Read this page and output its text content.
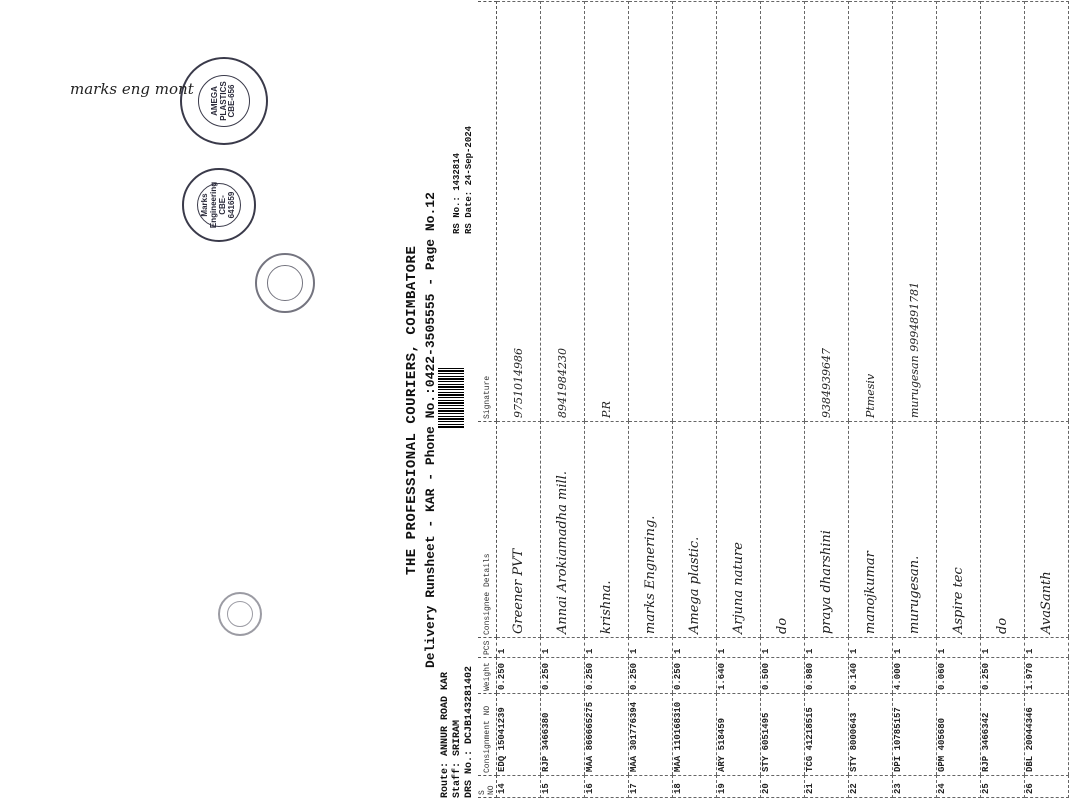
THE PROFESSIONAL COURIERS, COIMBATORE Delivery Runsheet - KAR - Phone No.:0422-3505555 - Page No.12
Route: ANNUR ROAD KAR Staff: SRIRAM DRS No.: DCJB143281402
RS No.: 1432814 RS Date: 24-Sep-2024
S NO	Consignment NO	Weight	PCS	Consignee Details	Signature
14	EDQ 15041239	0.250	1	Greener PVT	9751014986
15	RJP 3466380	0.250	1	Annai Arokiamadha mill.	8941984230
16	MAA 866665275	0.250	1	krishna.	P.R
17	MAA 301776394	0.250	1	marks Engnering.	
18	MAA 110168310	0.250	1	Amega plastic.	
19	ARY 518459	1.640	1	Arjuna nature	
20	STY 6051495	0.500	1	do	
21	TCG 41218515	0.980	1	praya dharshini	9384939647
22	STY 8000643	0.140	1	manojkumar	Ptmesiv
23	DPI 10785157	4.000	1	murugesan.	murugesan 9994891781
24	GPM 405680	0.060	1	Aspire tec	
25	RJP 3466342	0.250	1	do	
26	DBL 20044346	1.970	1	AvaSanth	
AMEGA PLASTICS CBE-656
Marks Engineering CBE-641659
marks eng mont
